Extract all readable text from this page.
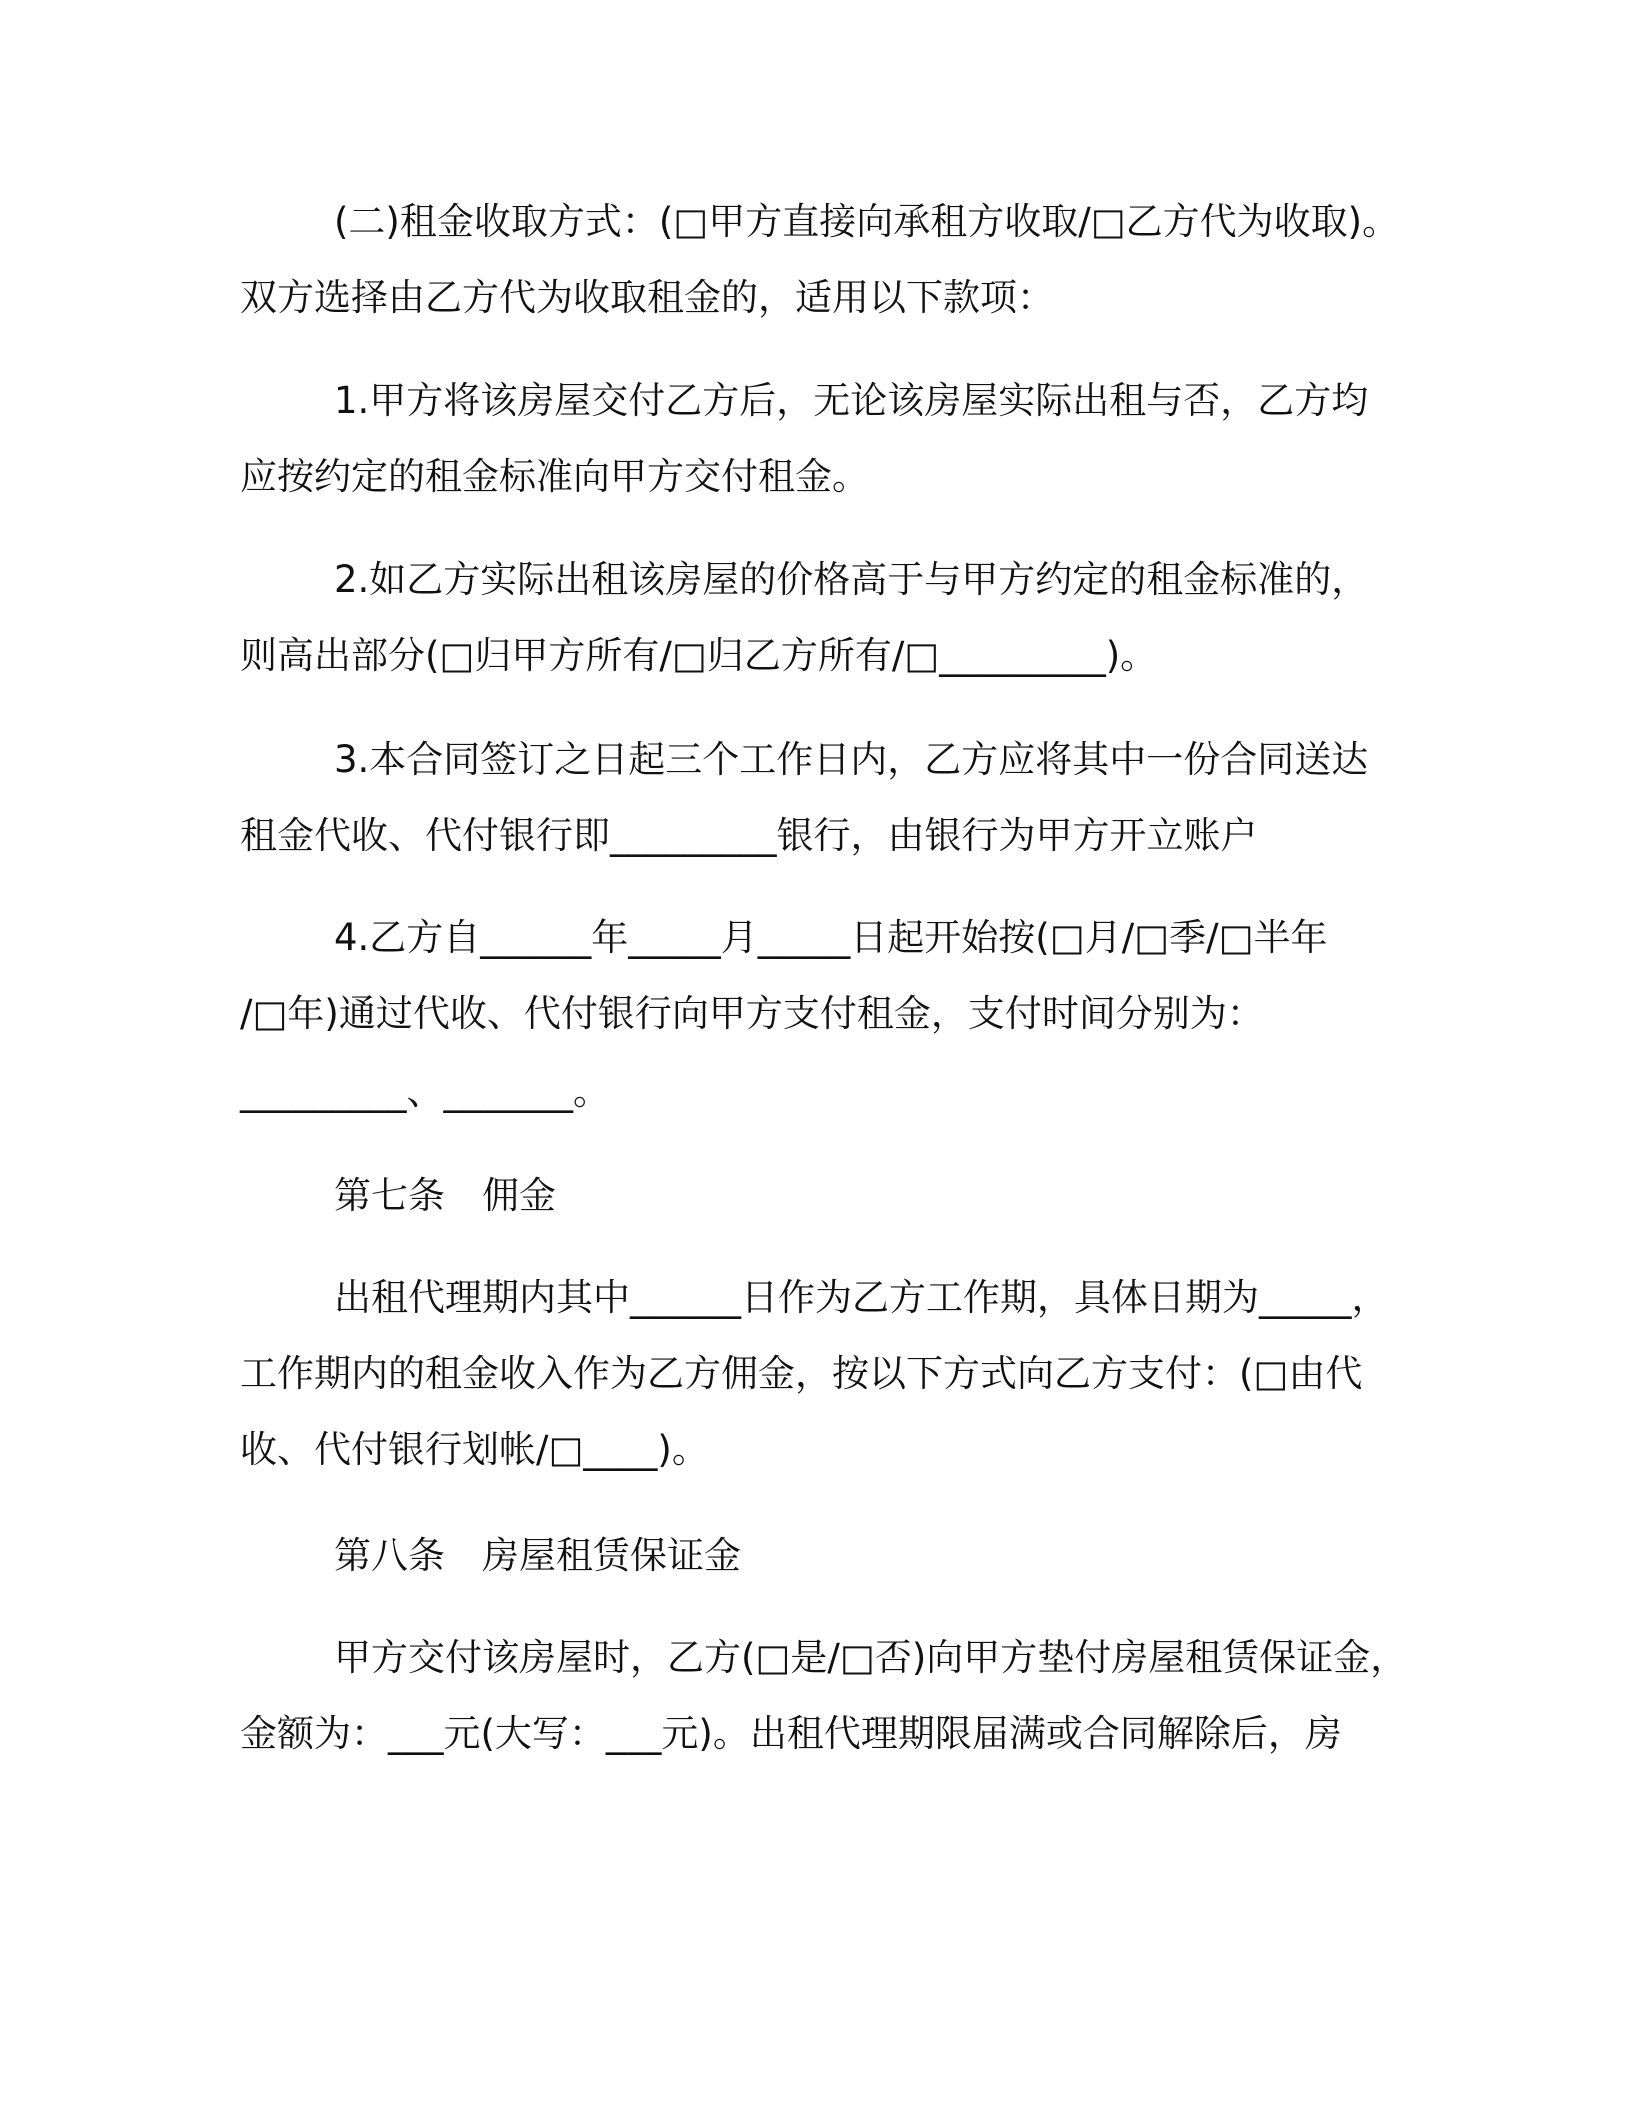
(二)租金收取方式：(□甲方直接向承租方收取/□乙方代为收取)。

双方选择由乙方代为收取租金的，适用以下款项：

1.甲方将该房屋交付乙方后，无论该房屋实际出租与否，乙方均

应按约定的租金标准向甲方交付租金。

2.如乙方实际出租该房屋的价格高于与甲方约定的租金标准的，

则高出部分(□归甲方所有/□归乙方所有/□_________)。

3.本合同签订之日起三个工作日内，乙方应将其中一份合同送达

租金代收、代付银行即_________银行，由银行为甲方开立账户

4.乙方自______年_____月_____日起开始按(□月/□季/□半年

/□年)通过代收、代付银行向甲方支付租金，支付时间分别为：

_________、_______。

第七条　佣金

出租代理期内其中______日作为乙方工作期，具体日期为_____，

工作期内的租金收入作为乙方佣金，按以下方式向乙方支付：(□由代

收、代付银行划帐/□____)。

第八条　房屋租赁保证金

甲方交付该房屋时，乙方(□是/□否)向甲方垫付房屋租赁保证金，

金额为：___元(大写：___元)。出租代理期限届满或合同解除后，房
